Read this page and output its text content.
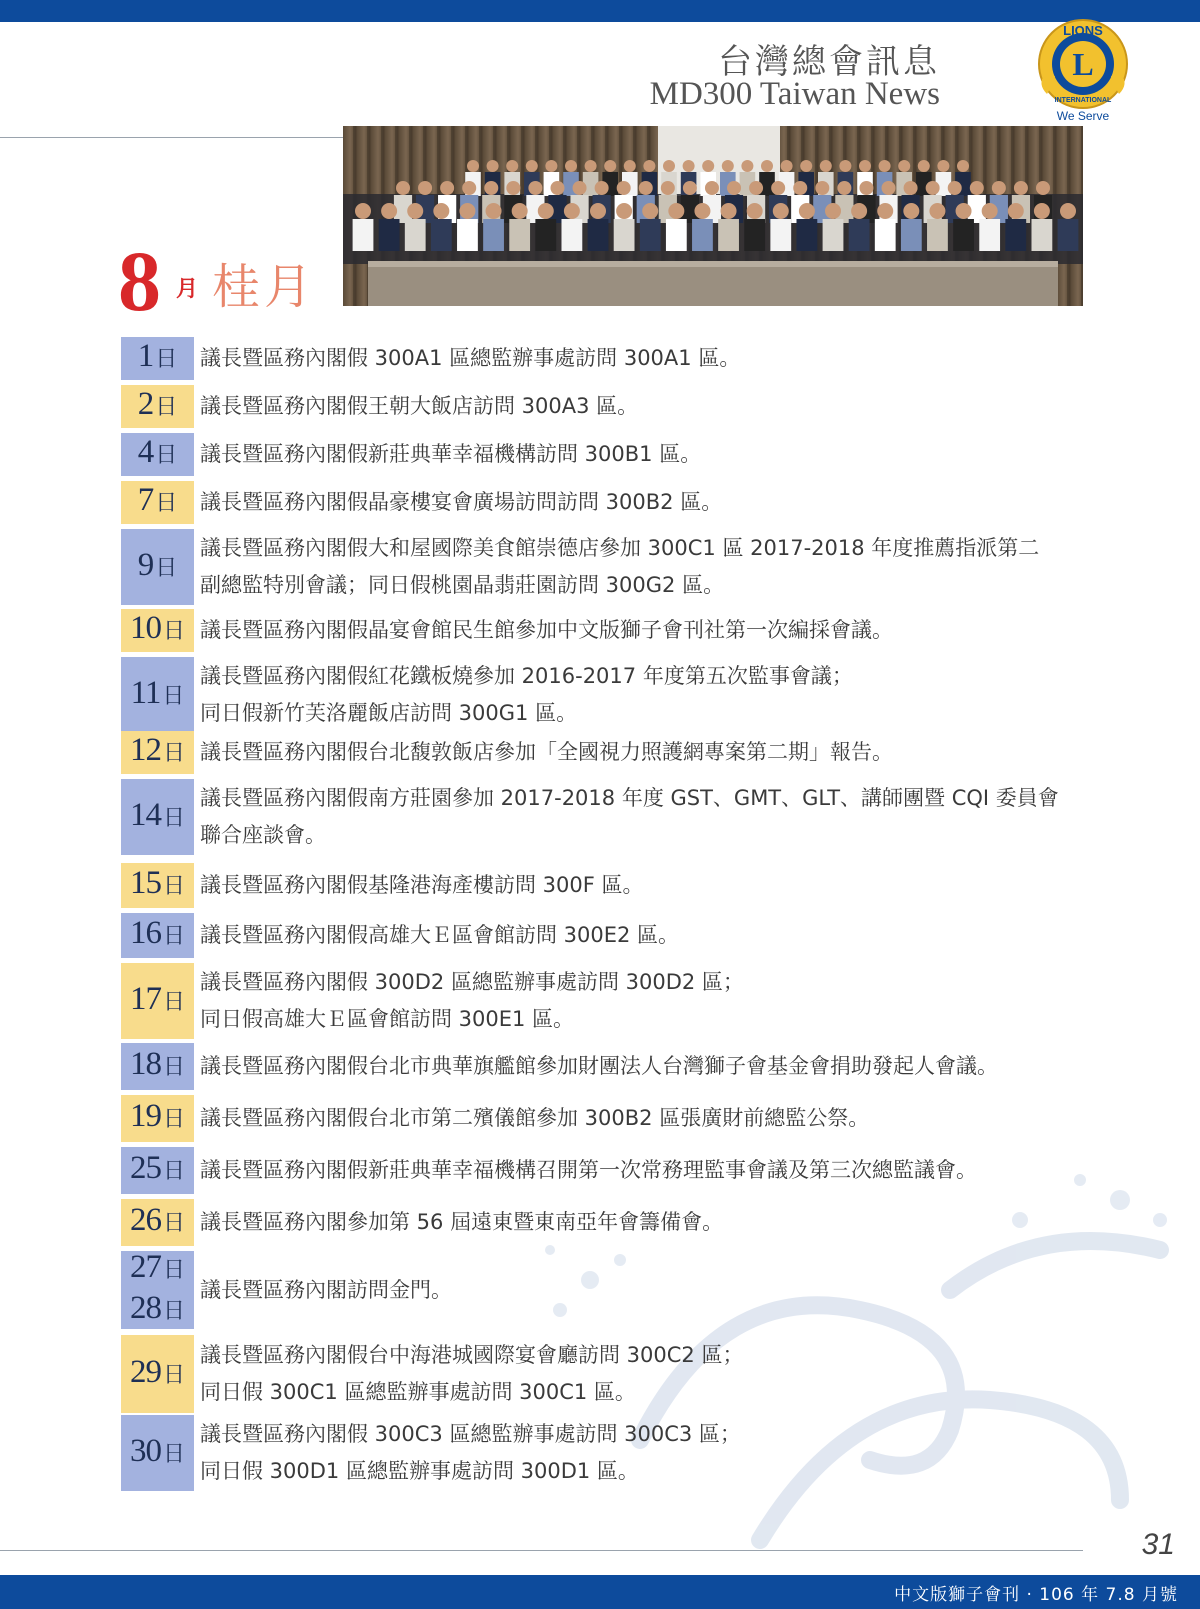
台灣總會訊息
MD300 Taiwan News
L
LIONS
INTERNATIONAL
We Serve
8 月 桂月
1日 議長暨區務內閣假 300A1 區總監辦事處訪問 300A1 區。
2日 議長暨區務內閣假王朝大飯店訪問 300A3 區。
4日 議長暨區務內閣假新莊典華幸福機構訪問 300B1 區。
7日 議長暨區務內閣假晶豪樓宴會廣場訪問訪問 300B2 區。
9日
議長暨區務內閣假大和屋國際美食館崇德店參加 300C1 區 2017-2018 年度推薦指派第二
副總監特別會議；同日假桃園晶翡莊園訪問 300G2 區。
10日 議長暨區務內閣假晶宴會館民生館參加中文版獅子會刊社第一次編採會議。
11日
議長暨區務內閣假紅花鐵板燒參加 2016-2017 年度第五次監事會議；
同日假新竹芙洛麗飯店訪問 300G1 區。
12日 議長暨區務內閣假台北馥敦飯店參加「全國視力照護網專案第二期」報告。
14日
議長暨區務內閣假南方莊園參加 2017-2018 年度 GST、GMT、GLT、講師團暨 CQI 委員會
聯合座談會。
15日 議長暨區務內閣假基隆港海產樓訪問 300F 區。
16日 議長暨區務內閣假高雄大Ｅ區會館訪問 300E2 區。
17日
議長暨區務內閣假 300D2 區總監辦事處訪問 300D2 區；
同日假高雄大Ｅ區會館訪問 300E1 區。
18日 議長暨區務內閣假台北市典華旗艦館參加財團法人台灣獅子會基金會捐助發起人會議。
19日 議長暨區務內閣假台北市第二殯儀館參加 300B2 區張廣財前總監公祭。
25日 議長暨區務內閣假新莊典華幸福機構召開第一次常務理監事會議及第三次總監議會。
26日 議長暨區務內閣參加第 56 屆遠東暨東南亞年會籌備會。
27日
28日
議長暨區務內閣訪問金門。
29日
議長暨區務內閣假台中海港城國際宴會廳訪問 300C2 區；
同日假 300C1 區總監辦事處訪問 300C1 區。
30日
議長暨區務內閣假 300C3 區總監辦事處訪問 300C3 區；
同日假 300D1 區總監辦事處訪問 300D1 區。
31
中文版獅子會刊 · 106 年 7.8 月號
